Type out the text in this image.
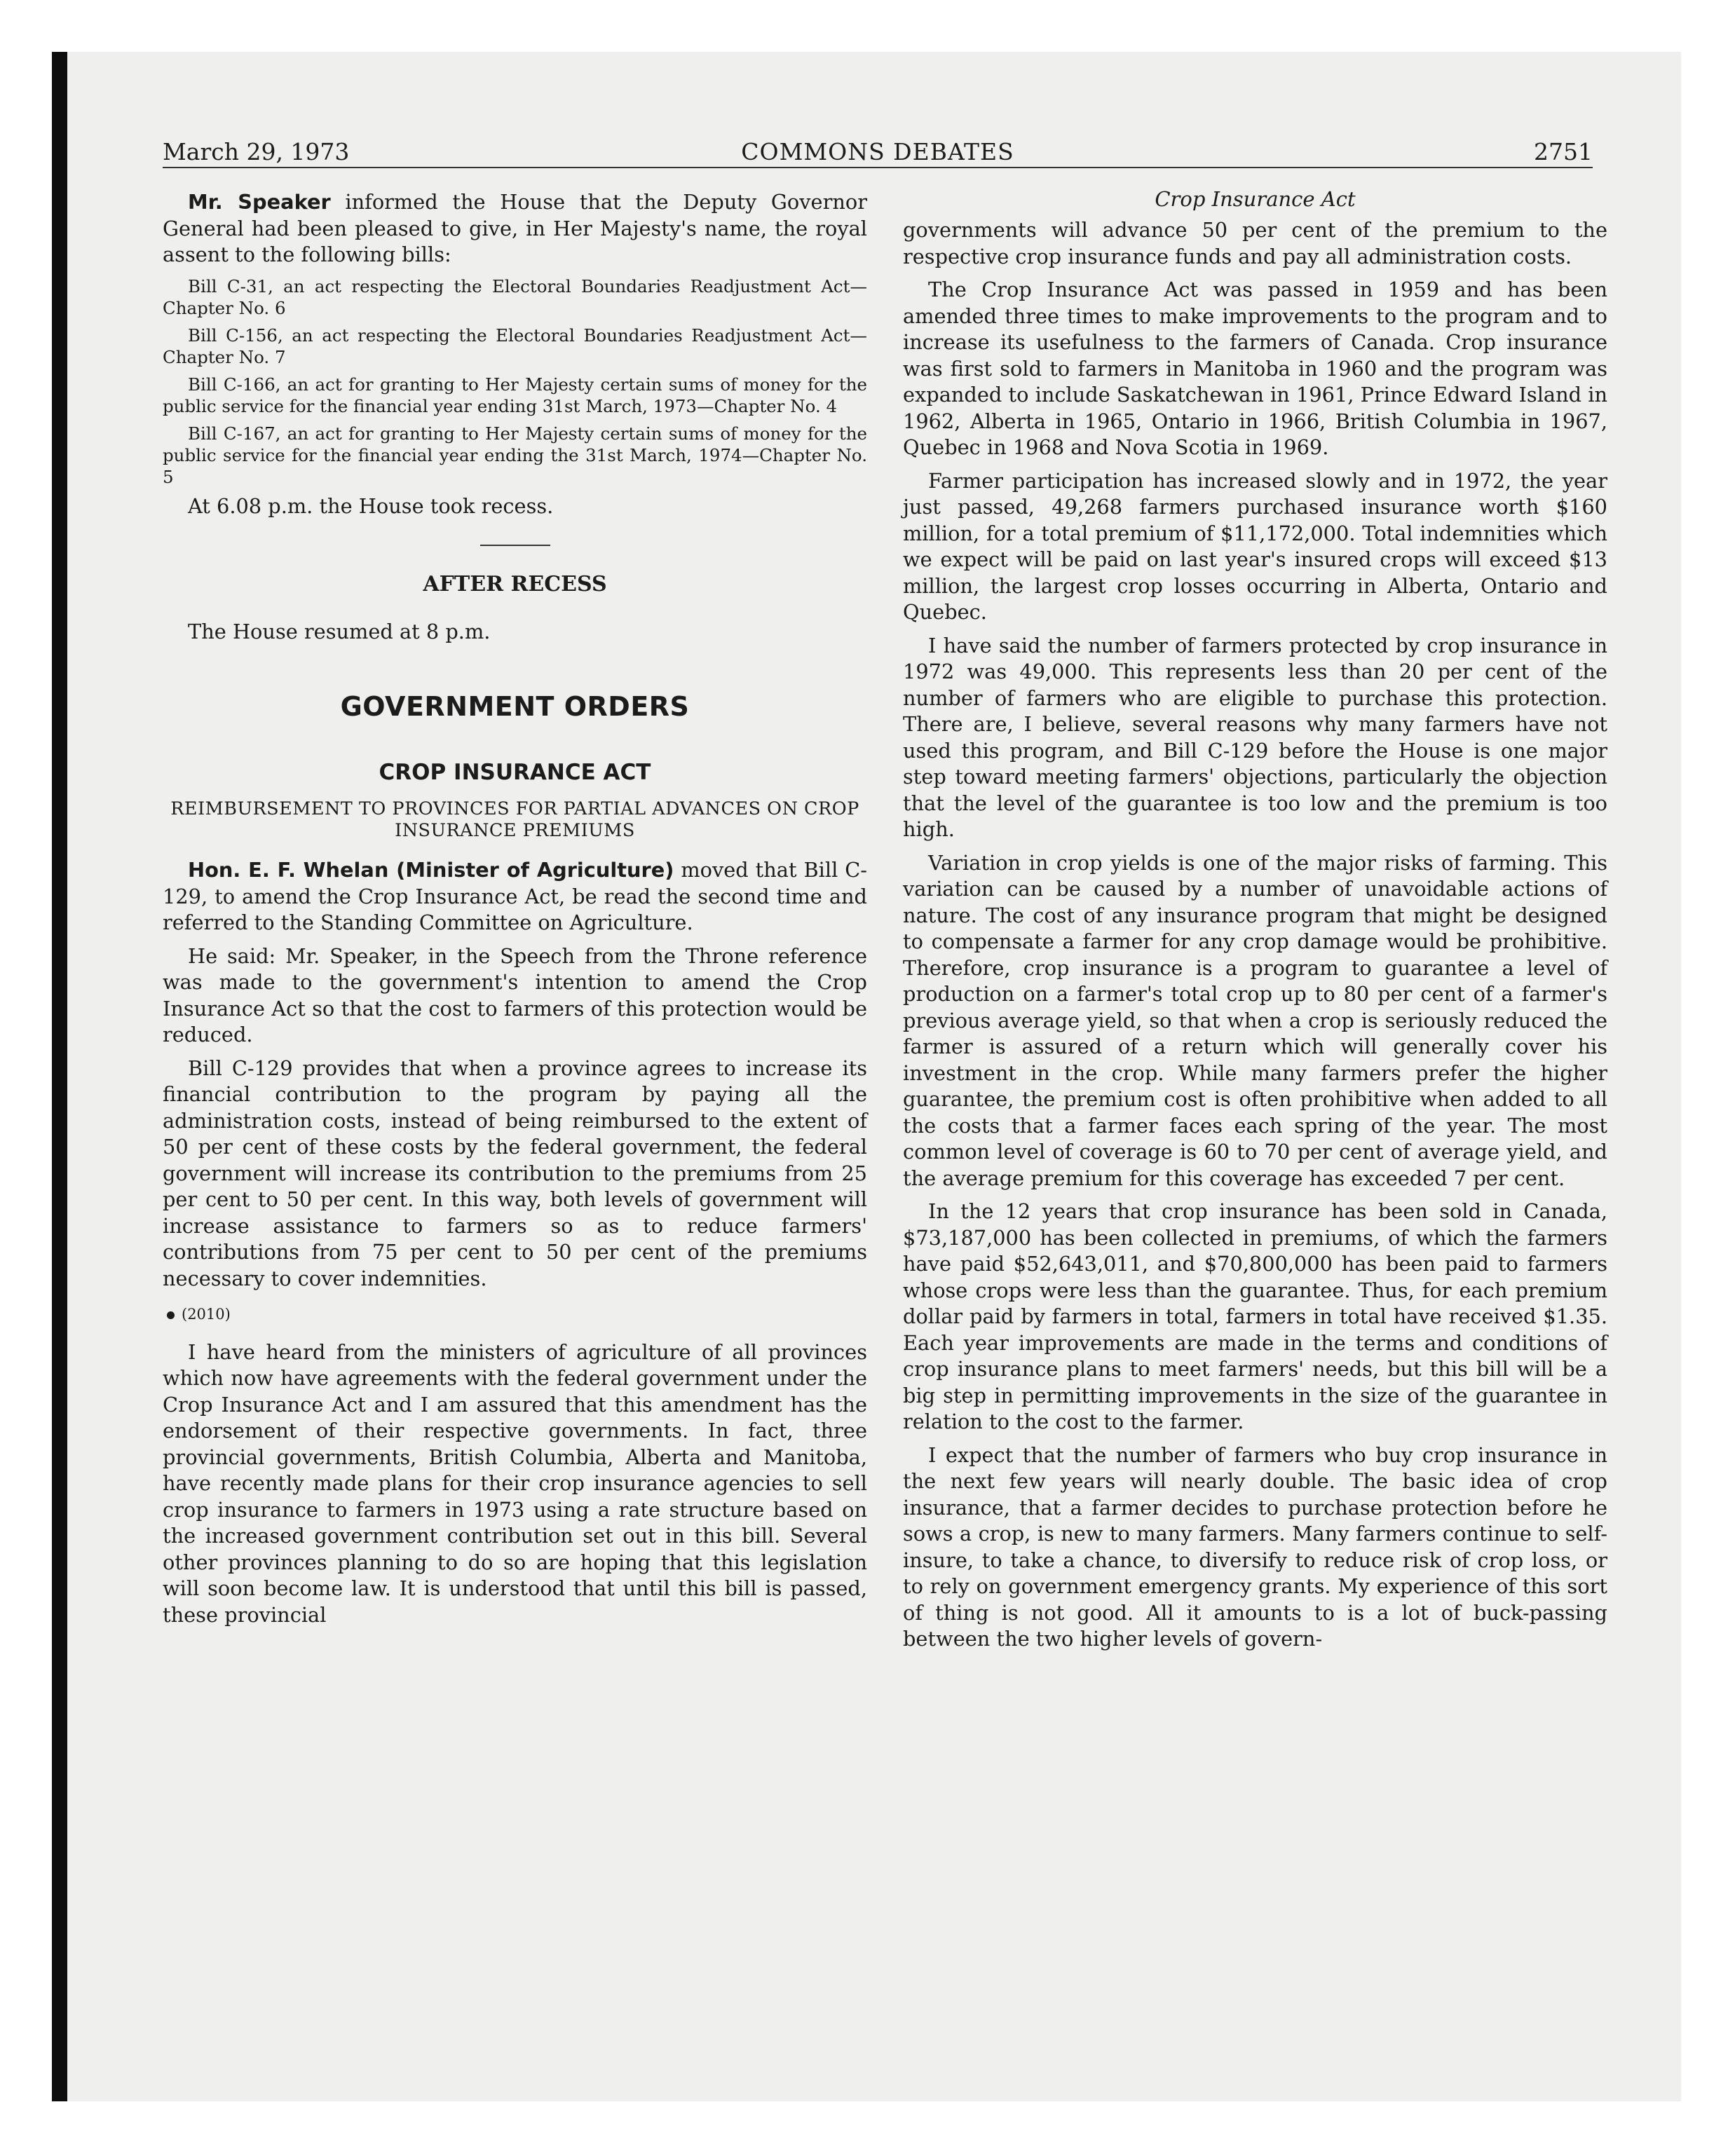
March 29, 1973	COMMONS DEBATES	2751

Mr. Speaker informed the House that the Deputy Governor General had been pleased to give, in Her Majesty's name, the royal assent to the following bills:

Bill C-31, an act respecting the Electoral Boundaries Readjustment Act—Chapter No. 6

Bill C-156, an act respecting the Electoral Boundaries Readjustment Act—Chapter No. 7

Bill C-166, an act for granting to Her Majesty certain sums of money for the public service for the financial year ending 31st March, 1973—Chapter No. 4

Bill C-167, an act for granting to Her Majesty certain sums of money for the public service for the financial year ending the 31st March, 1974—Chapter No. 5

At 6.08 p.m. the House took recess.

AFTER RECESS

The House resumed at 8 p.m.

GOVERNMENT ORDERS
CROP INSURANCE ACT
REIMBURSEMENT TO PROVINCES FOR PARTIAL ADVANCES ON CROP INSURANCE PREMIUMS

Hon. E. F. Whelan (Minister of Agriculture) moved that Bill C-129, to amend the Crop Insurance Act, be read the second time and referred to the Standing Committee on Agriculture.

He said: Mr. Speaker, in the Speech from the Throne reference was made to the government's intention to amend the Crop Insurance Act so that the cost to farmers of this protection would be reduced.

Bill C-129 provides that when a province agrees to increase its financial contribution to the program by paying all the administration costs, instead of being reimbursed to the extent of 50 per cent of these costs by the federal government, the federal government will increase its contribution to the premiums from 25 per cent to 50 per cent. In this way, both levels of government will increase assistance to farmers so as to reduce farmers' contributions from 75 per cent to 50 per cent of the premiums necessary to cover indemnities.

(2010)

I have heard from the ministers of agriculture of all provinces which now have agreements with the federal government under the Crop Insurance Act and I am assured that this amendment has the endorsement of their respective governments. In fact, three provincial governments, British Columbia, Alberta and Manitoba, have recently made plans for their crop insurance agencies to sell crop insurance to farmers in 1973 using a rate structure based on the increased government contribution set out in this bill. Several other provinces planning to do so are hoping that this legislation will soon become law. It is understood that until this bill is passed, these provincial

Crop Insurance Act

governments will advance 50 per cent of the premium to the respective crop insurance funds and pay all administration costs.

The Crop Insurance Act was passed in 1959 and has been amended three times to make improvements to the program and to increase its usefulness to the farmers of Canada. Crop insurance was first sold to farmers in Manitoba in 1960 and the program was expanded to include Saskatchewan in 1961, Prince Edward Island in 1962, Alberta in 1965, Ontario in 1966, British Columbia in 1967, Quebec in 1968 and Nova Scotia in 1969.

Farmer participation has increased slowly and in 1972, the year just passed, 49,268 farmers purchased insurance worth $160 million, for a total premium of $11,172,000. Total indemnities which we expect will be paid on last year's insured crops will exceed $13 million, the largest crop losses occurring in Alberta, Ontario and Quebec.

I have said the number of farmers protected by crop insurance in 1972 was 49,000. This represents less than 20 per cent of the number of farmers who are eligible to purchase this protection. There are, I believe, several reasons why many farmers have not used this program, and Bill C-129 before the House is one major step toward meeting farmers' objections, particularly the objection that the level of the guarantee is too low and the premium is too high.

Variation in crop yields is one of the major risks of farming. This variation can be caused by a number of unavoidable actions of nature. The cost of any insurance program that might be designed to compensate a farmer for any crop damage would be prohibitive. Therefore, crop insurance is a program to guarantee a level of production on a farmer's total crop up to 80 per cent of a farmer's previous average yield, so that when a crop is seriously reduced the farmer is assured of a return which will generally cover his investment in the crop. While many farmers prefer the higher guarantee, the premium cost is often prohibitive when added to all the costs that a farmer faces each spring of the year. The most common level of coverage is 60 to 70 per cent of average yield, and the average premium for this coverage has exceeded 7 per cent.

In the 12 years that crop insurance has been sold in Canada, $73,187,000 has been collected in premiums, of which the farmers have paid $52,643,011, and $70,800,000 has been paid to farmers whose crops were less than the guarantee. Thus, for each premium dollar paid by farmers in total, farmers in total have received $1.35. Each year improvements are made in the terms and conditions of crop insurance plans to meet farmers' needs, but this bill will be a big step in permitting improvements in the size of the guarantee in relation to the cost to the farmer.

I expect that the number of farmers who buy crop insurance in the next few years will nearly double. The basic idea of crop insurance, that a farmer decides to purchase protection before he sows a crop, is new to many farmers. Many farmers continue to self-insure, to take a chance, to diversify to reduce risk of crop loss, or to rely on government emergency grants. My experience of this sort of thing is not good. All it amounts to is a lot of buck-passing between the two higher levels of govern-
